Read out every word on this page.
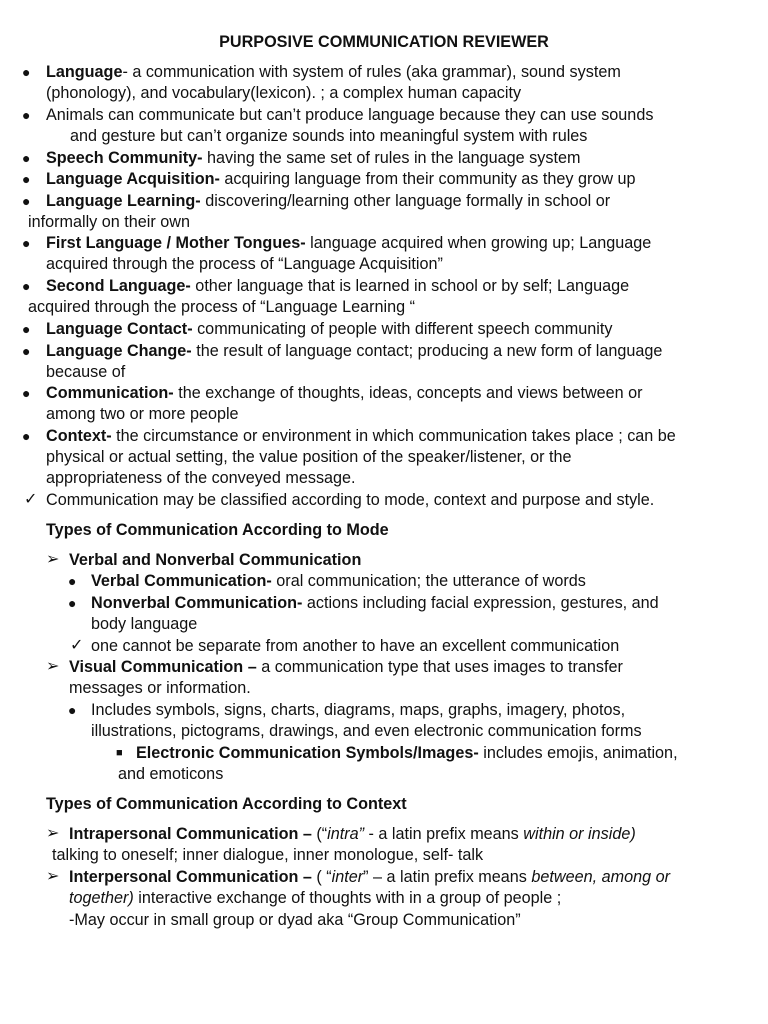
PURPOSIVE COMMUNICATION REVIEWER
● Language- a communication with system of rules (aka grammar), sound system
(phonology), and vocabulary(lexicon). ; a complex human capacity
● Animals can communicate but can’t produce language because they can use sounds
and gesture but can’t organize sounds into meaningful system with rules
● Speech Community- having the same set of rules in the language system
● Language Acquisition- acquiring language from their community as they grow up
● Language Learning- discovering/learning other language formally in school or
informally on their own
● First Language / Mother Tongues- language acquired when growing up; Language
acquired through the process of “Language Acquisition”
● Second Language- other language that is learned in school or by self; Language
acquired through the process of “Language Learning “
● Language Contact- communicating of people with different speech community
● Language Change- the result of language contact; producing a new form of language
because of
● Communication- the exchange of thoughts, ideas, concepts and views between or
among two or more people
● Context- the circumstance or environment in which communication takes place ; can be
physical or actual setting, the value position of the speaker/listener, or the
appropriateness of the conveyed message.
✓ Communication may be classified according to mode, context and purpose and style.
Types of Communication According to Mode
➢ Verbal and Nonverbal Communication
● Verbal Communication- oral communication; the utterance of words
● Nonverbal Communication- actions including facial expression, gestures, and
body language
✓ one cannot be separate from another to have an excellent communication
➢ Visual Communication – a communication type that uses images to transfer
messages or information.
● Includes symbols, signs, charts, diagrams, maps, graphs, imagery, photos,
illustrations, pictograms, drawings, and even electronic communication forms
■ Electronic Communication Symbols/Images- includes emojis, animation,
and emoticons
Types of Communication According to Context
➢ Intrapersonal Communication – (“intra” - a latin prefix means within or inside)
talking to oneself; inner dialogue, inner monologue, self- talk
➢ Interpersonal Communication – ( “inter” – a latin prefix means between, among or
together) interactive exchange of thoughts with in a group of people ;
-May occur in small group or dyad aka “Group Communication”
